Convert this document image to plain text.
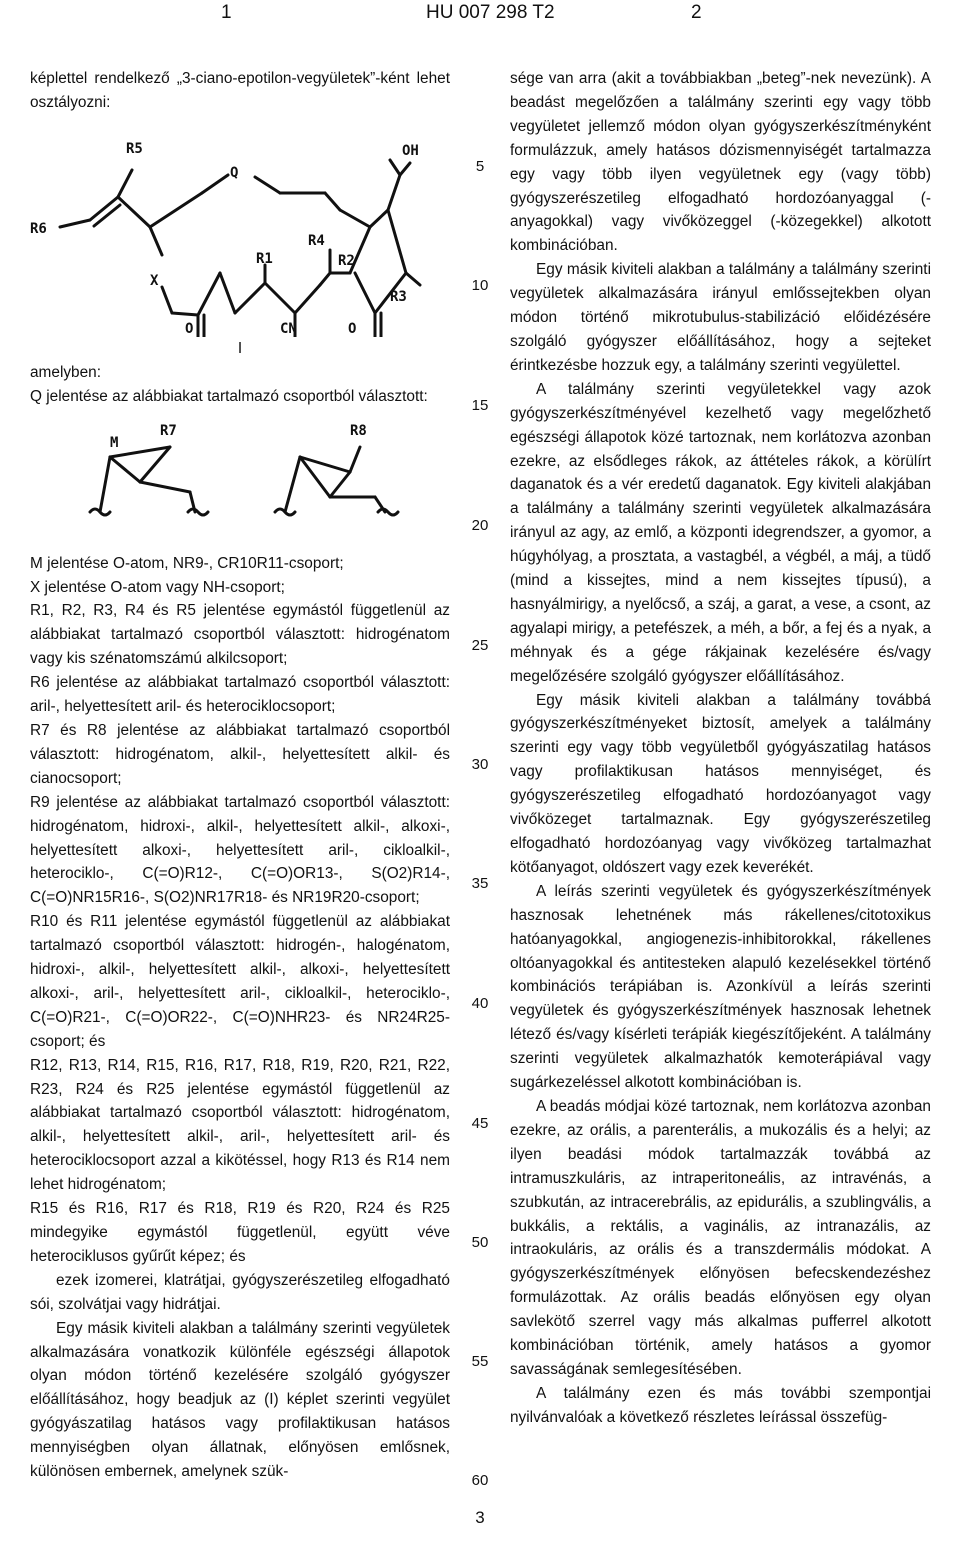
1	HU 007 298 T2	2

képlettel rendelkező „3-ciano-epotilon-vegyületek”-ként lehet osztályozni:

R5
Q
R6
R4
OH
R1	R2
X
R3
O	CN	O
I

amelyben:

Q jelentése az alábbiakat tartalmazó csoportból választott:

M
R7	R8

M jelentése O-atom, NR9-, CR10R11-csoport;

X jelentése O-atom vagy NH-csoport;

R1, R2, R3, R4 és R5 jelentése egymástól függetlenül az alábbiakat tartalmazó csoportból választott: hidrogénatom vagy kis szénatomszámú alkilcsoport;

R6 jelentése az alábbiakat tartalmazó csoportból választott: aril-, helyettesített aril- és heterociklocsoport;

R7 és R8 jelentése az alábbiakat tartalmazó csoportból választott: hidrogénatom, alkil-, helyettesített alkil- és cianocsoport;

R9 jelentése az alábbiakat tartalmazó csoportból választott: hidrogénatom, hidroxi-, alkil-, helyettesített alkil-, alkoxi-, helyettesített alkoxi-, helyettesített aril-, cikloalkil-, heterociklo-, C(=O)R12-, C(=O)OR13-, S(O2)R14-, C(=O)NR15R16-, S(O2)NR17R18- és NR19R20-csoport;

R10 és R11 jelentése egymástól függetlenül az alábbiakat tartalmazó csoportból választott: hidrogén-, halogénatom, hidroxi-, alkil-, helyettesített alkil-, alkoxi-, helyettesített alkoxi-, aril-, helyettesített aril-, cikloalkil-, heterociklo-, C(=O)R21-, C(=O)OR22-, C(=O)NHR23- és NR24R25-csoport; és

R12, R13, R14, R15, R16, R17, R18, R19, R20, R21, R22, R23, R24 és R25 jelentése egymástól függetlenül az alábbiakat tartalmazó csoportból választott: hidrogénatom, alkil-, helyettesített alkil-, aril-, helyettesített aril- és heterociklocsoport azzal a kikötéssel, hogy R13 és R14 nem lehet hidrogénatom;

R15 és R16, R17 és R18, R19 és R20, R24 és R25 mindegyike egymástól függetlenül, együtt véve heterociklusos gyűrűt képez; és

ezek izomerei, klatrátjai, gyógyszerészetileg elfogadható sói, szolvátjai vagy hidrátjai.

Egy másik kiviteli alakban a találmány szerinti vegyületek alkalmazására vonatkozik különféle egészségi állapotok olyan módon történő kezelésére szolgáló gyógyszer előállításához, hogy beadjuk az (I) képlet szerinti vegyület gyógyászatilag hatásos vagy profilaktikusan hatásos mennyiségben olyan állatnak, előnyösen emlősnek, különösen embernek, amelynek szük-

5
10
15
20
25
30
35
40
45
50
55
60

sége van arra (akit a továbbiakban „beteg”-nek nevezünk). A beadást megelőzően a találmány szerinti egy vagy több vegyületet jellemző módon olyan gyógyszerkészítményként formulázzuk, amely hatásos dózismennyiségét tartalmazza egy vagy több ilyen vegyületnek egy (vagy több) gyógyszerészetileg elfogadható hordozóanyaggal (-anyagokkal) vagy vivőközeggel (-közegekkel) alkotott kombinációban.

Egy másik kiviteli alakban a találmány a találmány szerinti vegyületek alkalmazására irányul emlőssejtekben olyan módon történő mikrotubulus-stabilizáció előidézésére szolgáló gyógyszer előállításához, hogy a sejteket érintkezésbe hozzuk egy, a találmány szerinti vegyülettel.

A találmány szerinti vegyületekkel vagy azok gyógyszerkészítményével kezelhető vagy megelőzhető egészségi állapotok közé tartoznak, nem korlátozva azonban ezekre, az elsődleges rákok, az áttételes rákok, a körülírt daganatok és a vér eredetű daganatok. Egy kiviteli alakjában a találmány a találmány szerinti vegyületek alkalmazására irányul az agy, az emlő, a központi idegrendszer, a gyomor, a húgyhólyag, a prosztata, a vastagbél, a végbél, a máj, a tüdő (mind a kissejtes, mind a nem kissejtes típusú), a hasnyálmirigy, a nyelőcső, a száj, a garat, a vese, a csont, az agyalapi mirigy, a petefészek, a méh, a bőr, a fej és a nyak, a méhnyak és a gége rákjainak kezelésére és/vagy megelőzésére szolgáló gyógyszer előállításához.

Egy másik kiviteli alakban a találmány továbbá gyógyszerkészítményeket biztosít, amelyek a találmány szerinti egy vagy több vegyületből gyógyászatilag hatásos vagy profilaktikusan hatásos mennyiséget, és gyógyszerészetileg elfogadható hordozóanyagot vagy vivőközeget tartalmaznak. Egy gyógyszerészetileg elfogadható hordozóanyag vagy vivőközeg tartalmazhat kötőanyagot, oldószert vagy ezek keverékét.

A leírás szerinti vegyületek és gyógyszerkészítmények hasznosak lehetnének más rákellenes/citotoxikus hatóanyagokkal, angiogenezis-inhibitorokkal, rákellenes oltóanyagokkal és antitesteken alapuló kezelésekkel történő kombinációs terápiában is. Azonkívül a leírás szerinti vegyületek és gyógyszerkészítmények hasznosak lehetnek létező és/vagy kísérleti terápiák kiegészítőjeként. A találmány szerinti vegyületek alkalmazhatók kemoterápiával vagy sugárkezeléssel alkotott kombinációban is.

A beadás módjai közé tartoznak, nem korlátozva azonban ezekre, az orális, a parenterális, a mukozális és a helyi; az ilyen beadási módok tartalmazzák továbbá az intramuszkuláris, az intraperitoneális, az intravénás, a szubkután, az intracerebrális, az epidurális, a szublingvális, a bukkális, a rektális, a vaginális, az intranazális, az intraokuláris, az orális és a transzdermális módokat. A gyógyszerkészítmények előnyösen befecskendezéshez formulázottak. Az orális beadás előnyösen egy olyan savlekötő szerrel vagy más alkalmas pufferrel alkotott kombinációban történik, amely hatásos a gyomor savasságának semlegesítésében.

A találmány ezen és más további szempontjai nyilvánvalóak a következő részletes leírással összefüg-

3
